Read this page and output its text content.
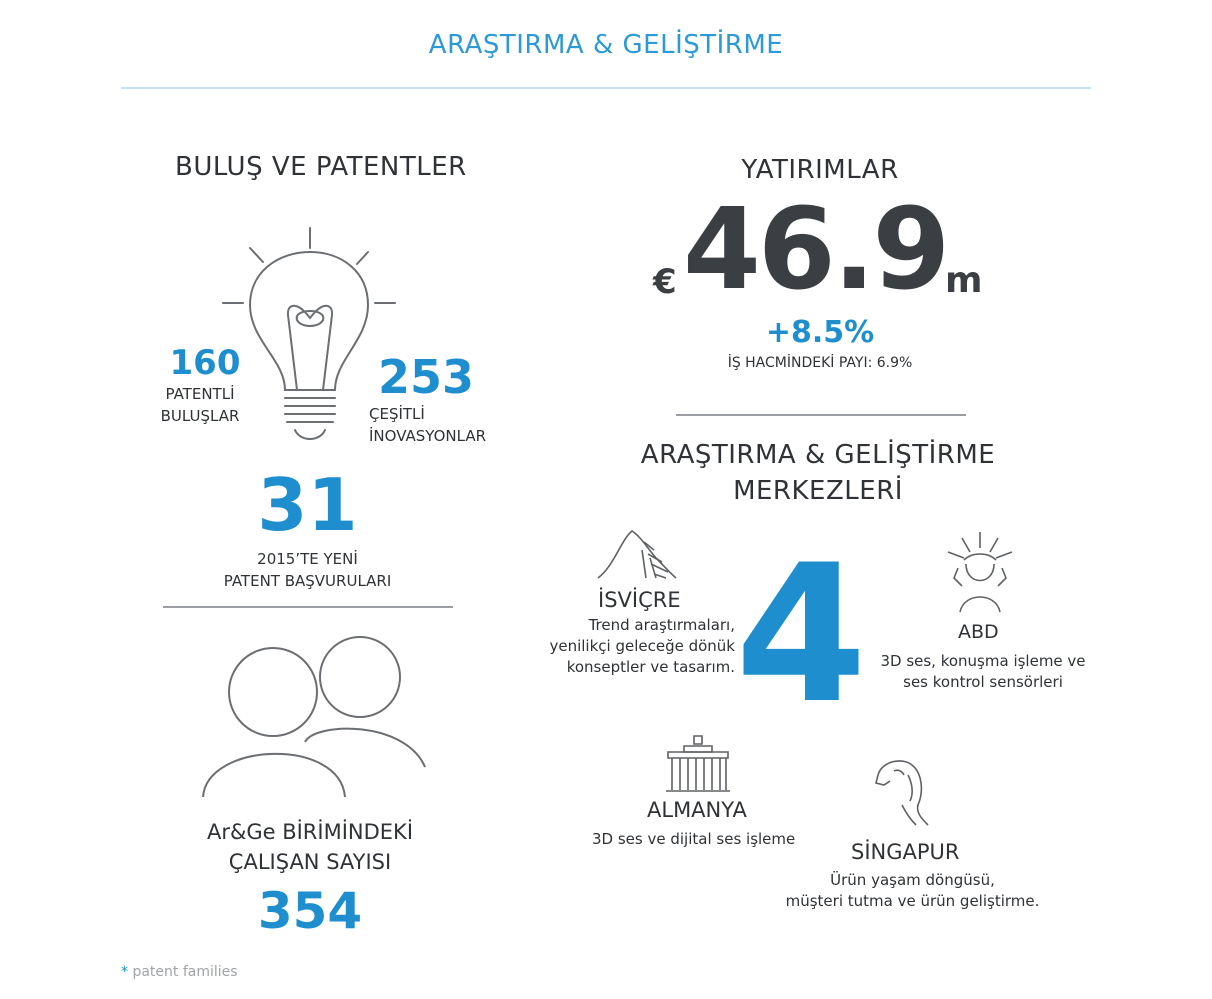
ARAŞTIRMA & GELİŞTİRME
BULUŞ VE PATENTLER
160
PATENTLİ
BULUŞLAR
253
ÇEŞİTLİ
İNOVASYONLAR
31
2015’TE YENİ
PATENT BAŞVURULARI
Ar&Ge BİRİMİNDEKİ
ÇALIŞAN SAYISI
354
YATIRIMLAR
€ 46.9
m
+8.5%
İŞ HACMİNDEKİ PAYI: 6.9%
ARAŞTIRMA & GELİŞTİRME
MERKEZLERİ
4
İSVİÇRE
Trend araştırmaları,
yenilikçi geleceğe dönük
konseptler ve tasarım.
ABD
3D ses, konuşma işleme ve
ses kontrol sensörleri
ALMANYA
3D ses ve dijital ses işleme
SİNGAPUR
Ürün yaşam döngüsü,
müşteri tutma ve ürün geliştirme.
* patent families
